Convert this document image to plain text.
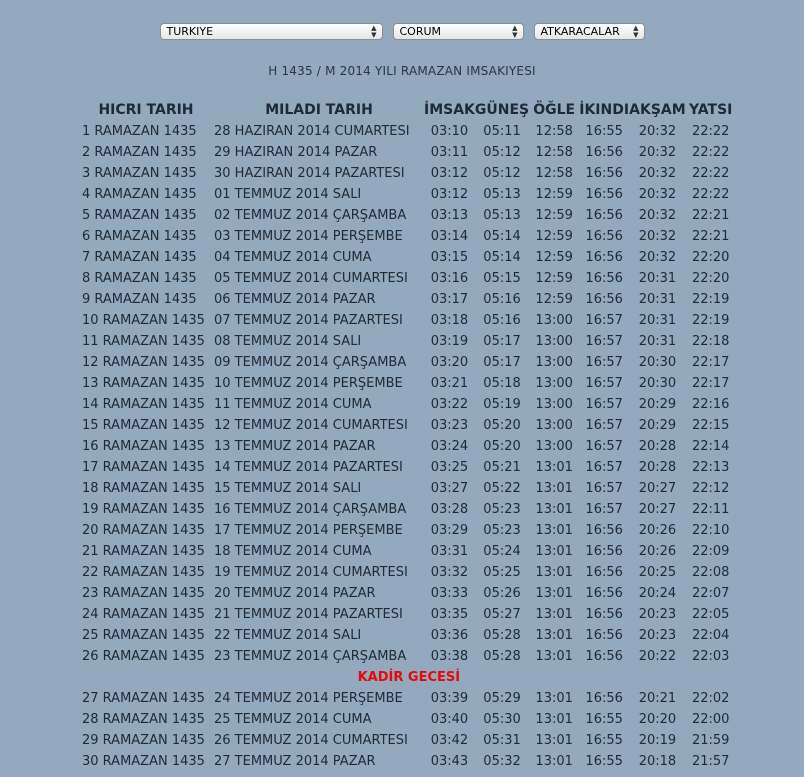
TURKIYE	▲
▼	CORUM	▲
▼	ATKARACALAR ▲
▼
H 1435 / M 2014 YILI RAMAZAN IMSAKIYESI
HICRI TARIH	MILADI TARIH	İMSAK	GÜNEŞ	ÖĞLE	İKINDI	AKŞAM	YATSI
1 RAMAZAN 1435	28 HAZIRAN 2014 CUMARTESI	03:10	05:11	12:58	16:55	20:32	22:22
2 RAMAZAN 1435	29 HAZIRAN 2014 PAZAR	03:11	05:12	12:58	16:56	20:32	22:22
3 RAMAZAN 1435	30 HAZIRAN 2014 PAZARTESI	03:12	05:12	12:58	16:56	20:32	22:22
4 RAMAZAN 1435	01 TEMMUZ 2014 SALI	03:12	05:13	12:59	16:56	20:32	22:22
5 RAMAZAN 1435	02 TEMMUZ 2014 ÇARŞAMBA	03:13	05:13	12:59	16:56	20:32	22:21
6 RAMAZAN 1435	03 TEMMUZ 2014 PERŞEMBE	03:14	05:14	12:59	16:56	20:32	22:21
7 RAMAZAN 1435	04 TEMMUZ 2014 CUMA	03:15	05:14	12:59	16:56	20:32	22:20
8 RAMAZAN 1435	05 TEMMUZ 2014 CUMARTESI	03:16	05:15	12:59	16:56	20:31	22:20
9 RAMAZAN 1435	06 TEMMUZ 2014 PAZAR	03:17	05:16	12:59	16:56	20:31	22:19
10 RAMAZAN 1435	07 TEMMUZ 2014 PAZARTESI	03:18	05:16	13:00	16:57	20:31	22:19
11 RAMAZAN 1435	08 TEMMUZ 2014 SALI	03:19	05:17	13:00	16:57	20:31	22:18
12 RAMAZAN 1435	09 TEMMUZ 2014 ÇARŞAMBA	03:20	05:17	13:00	16:57	20:30	22:17
13 RAMAZAN 1435	10 TEMMUZ 2014 PERŞEMBE	03:21	05:18	13:00	16:57	20:30	22:17
14 RAMAZAN 1435	11 TEMMUZ 2014 CUMA	03:22	05:19	13:00	16:57	20:29	22:16
15 RAMAZAN 1435	12 TEMMUZ 2014 CUMARTESI	03:23	05:20	13:00	16:57	20:29	22:15
16 RAMAZAN 1435	13 TEMMUZ 2014 PAZAR	03:24	05:20	13:00	16:57	20:28	22:14
17 RAMAZAN 1435	14 TEMMUZ 2014 PAZARTESI	03:25	05:21	13:01	16:57	20:28	22:13
18 RAMAZAN 1435	15 TEMMUZ 2014 SALI	03:27	05:22	13:01	16:57	20:27	22:12
19 RAMAZAN 1435	16 TEMMUZ 2014 ÇARŞAMBA	03:28	05:23	13:01	16:57	20:27	22:11
20 RAMAZAN 1435	17 TEMMUZ 2014 PERŞEMBE	03:29	05:23	13:01	16:56	20:26	22:10
21 RAMAZAN 1435	18 TEMMUZ 2014 CUMA	03:31	05:24	13:01	16:56	20:26	22:09
22 RAMAZAN 1435	19 TEMMUZ 2014 CUMARTESI	03:32	05:25	13:01	16:56	20:25	22:08
23 RAMAZAN 1435	20 TEMMUZ 2014 PAZAR	03:33	05:26	13:01	16:56	20:24	22:07
24 RAMAZAN 1435	21 TEMMUZ 2014 PAZARTESI	03:35	05:27	13:01	16:56	20:23	22:05
25 RAMAZAN 1435	22 TEMMUZ 2014 SALI	03:36	05:28	13:01	16:56	20:23	22:04
26 RAMAZAN 1435	23 TEMMUZ 2014 ÇARŞAMBA	03:38	05:28	13:01	16:56	20:22	22:03
KADİR GECESİ							
27 RAMAZAN 1435	24 TEMMUZ 2014 PERŞEMBE	03:39	05:29	13:01	16:56	20:21	22:02
28 RAMAZAN 1435	25 TEMMUZ 2014 CUMA	03:40	05:30	13:01	16:55	20:20	22:00
29 RAMAZAN 1435	26 TEMMUZ 2014 CUMARTESI	03:42	05:31	13:01	16:55	20:19	21:59
30 RAMAZAN 1435	27 TEMMUZ 2014 PAZAR	03:43	05:32	13:01	16:55	20:18	21:57
